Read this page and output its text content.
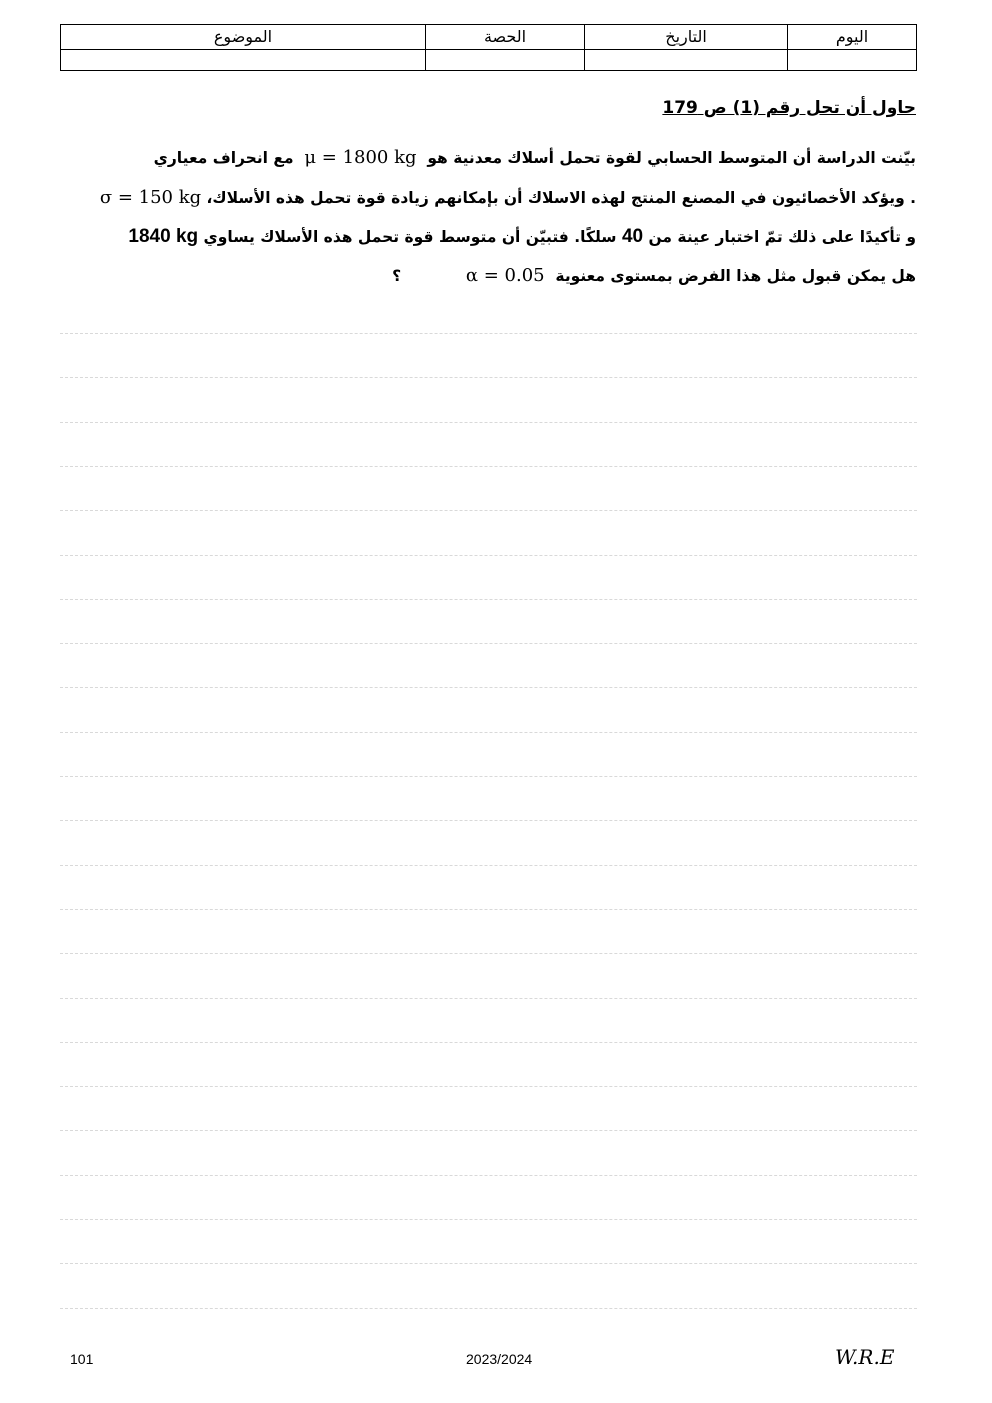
اليوم	التاريخ	الحصة	الموضوع

حاول أن تحل رقم (1) ص 179
بيّنت الدراسة أن المتوسط الحسابي لقوة تحمل أسلاك معدنية هو  μ = 1800 kg  مع انحراف معياري
. ويؤكد الأخصائيون في المصنع المنتج لهذه الاسلاك أن بإمكانهم زيادة قوة تحمل هذه الأسلاك، σ = 150 kg
و تأكيدًا على ذلك تمّ اختبار عينة من 40 سلكًا. فتبيّن أن متوسط قوة تحمل هذه الأسلاك يساوي 1840 kg
هل يمكن قبول مثل هذا الفرض بمستوى معنوية  α = 0.05            ؟
101	2023/2024	W.R.E
